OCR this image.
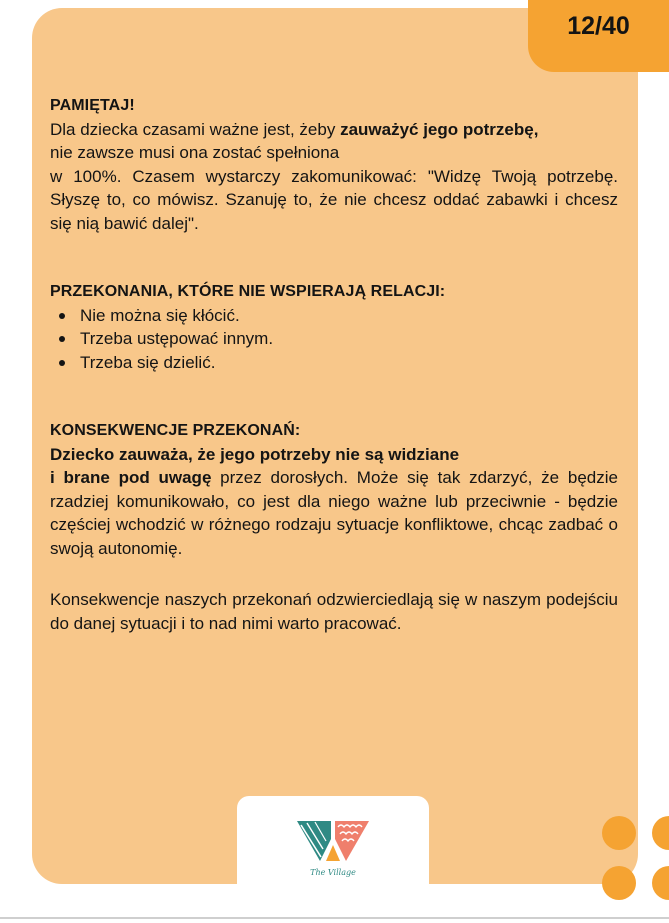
12/40

PAMIĘTAJ!

Dla dziecka czasami ważne jest, żeby zauważyć jego potrzebę,

nie zawsze musi ona zostać spełniona

w 100%. Czasem wystarczy zakomunikować: "Widzę Twoją potrzebę. Słyszę to, co mówisz. Szanuję to, że nie chcesz oddać zabawki i chcesz się nią bawić dalej".

PRZEKONANIA, KTÓRE NIE WSPIERAJĄ RELACJI:

Nie można się kłócić.
Trzeba ustępować innym.
Trzeba się dzielić.

KONSEKWENCJE PRZEKONAŃ:

Dziecko zauważa, że jego potrzeby nie są widziane

i brane pod uwagę przez dorosłych. Może się tak zdarzyć, że będzie rzadziej komunikowało, co jest dla niego ważne lub przeciwnie - będzie częściej wchodzić w różnego rodzaju sytuacje konfliktowe, chcąc zadbać o swoją autonomię.

Konsekwencje naszych przekonań odzwierciedlają się w naszym podejściu do danej sytuacji i to nad nimi warto pracować.

The Village
